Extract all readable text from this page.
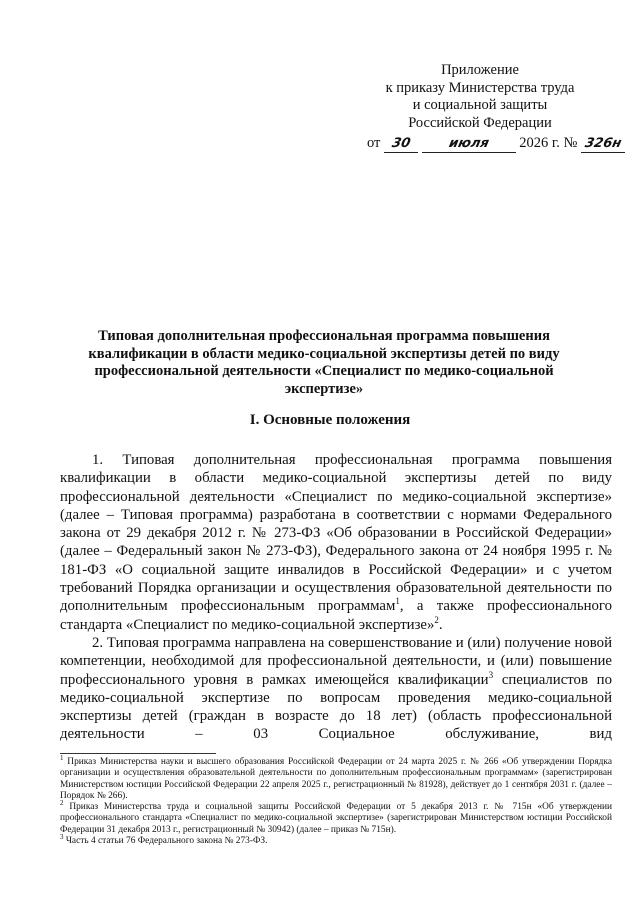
Приложение
к приказу Министерства труда
и социальной защиты
Российской Федерации
от 30	июля 2026 г. № 326н
Типовая дополнительная профессиональная программа повышения квалификации в области медико-социальной экспертизы детей по виду профессиональной деятельности «Специалист по медико-социальной экспертизе»
I. Основные положения

1. Типовая дополнительная профессиональная программа повышения квалификации в области медико-социальной экспертизы детей по виду профессиональной деятельности «Специалист по медико-социальной экспертизе» (далее – Типовая программа) разработана в соответствии с нормами Федерального закона от 29 декабря 2012 г. № 273-ФЗ «Об образовании в Российской Федерации» (далее – Федеральный закон № 273-ФЗ), Федерального закона от 24 ноября 1995 г. № 181-ФЗ «О социальной защите инвалидов в Российской Федерации» и с учетом требований Порядка организации и осуществления образовательной деятельности по дополнительным профессиональным программам$^1$, а также профессионального стандарта «Специалист по медико-социальной экспертизе»$^2$.

2. Типовая программа направлена на совершенствование и (или) получение новой компетенции, необходимой для профессиональной деятельности, и (или) повышение профессионального уровня в рамках имеющейся квалификации$^3$ специалистов по медико-социальной экспертизе по вопросам проведения медико-социальной экспертизы детей (граждан в возрасте до 18 лет) (область профессиональной деятельности – 03 Социальное обслуживание, вид

$^1$ Приказ Министерства науки и высшего образования Российской Федерации от 24 марта 2025 г. № 266 «Об утверждении Порядка организации и осуществления образовательной деятельности по дополнительным профессиональным программам» (зарегистрирован Министерством юстиции Российской Федерации 22 апреля 2025 г., регистрационный № 81928), действует до 1 сентября 2031 г. (далее – Порядок № 266).

$^2$ Приказ Министерства труда и социальной защиты Российской Федерации от 5 декабря 2013 г. № 715н «Об утверждении профессионального стандарта «Специалист по медико-социальной экспертизе» (зарегистрирован Министерством юстиции Российской Федерации 31 декабря 2013 г., регистрационный № 30942) (далее – приказ № 715н).

$^3$ Часть 4 статьи 76 Федерального закона № 273-ФЗ.
